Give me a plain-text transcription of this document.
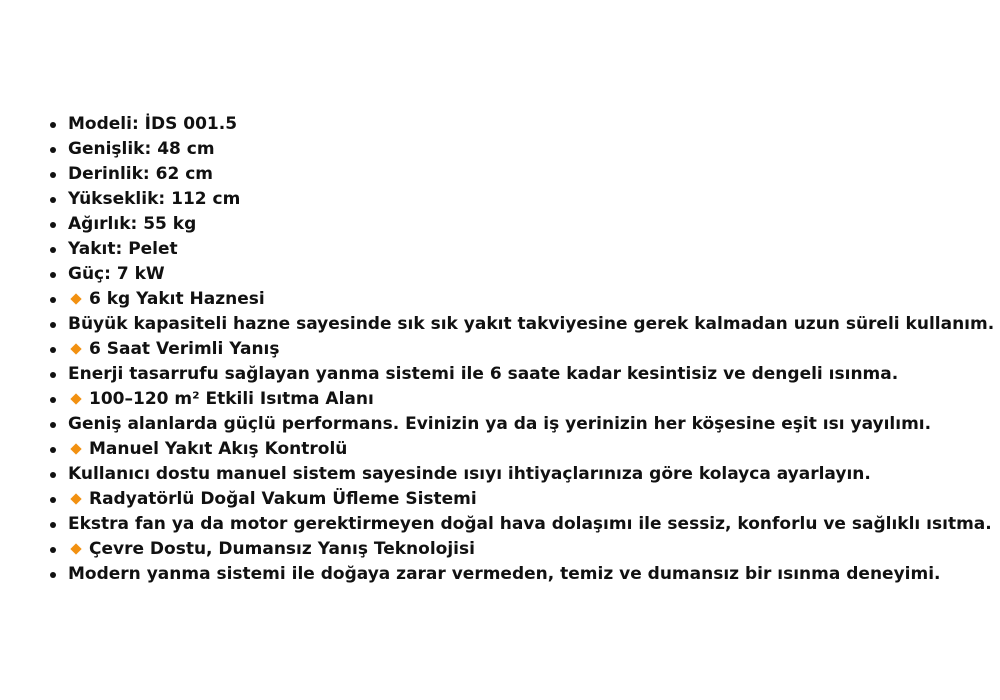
Modeli: İDS 001.5
Genişlik: 48 cm
Derinlik: 62 cm
Yükseklik: 112 cm
Ağırlık: 55 kg
Yakıt: Pelet
Güç: 7 kW
6 kg Yakıt Haznesi
Büyük kapasiteli hazne sayesinde sık sık yakıt takviyesine gerek kalmadan uzun süreli kullanım.
6 Saat Verimli Yanış
Enerji tasarrufu sağlayan yanma sistemi ile 6 saate kadar kesintisiz ve dengeli ısınma.
100–120 m² Etkili Isıtma Alanı
Geniş alanlarda güçlü performans. Evinizin ya da iş yerinizin her köşesine eşit ısı yayılımı.
Manuel Yakıt Akış Kontrolü
Kullanıcı dostu manuel sistem sayesinde ısıyı ihtiyaçlarınıza göre kolayca ayarlayın.
Radyatörlü Doğal Vakum Üfleme Sistemi
Ekstra fan ya da motor gerektirmeyen doğal hava dolaşımı ile sessiz, konforlu ve sağlıklı ısıtma.
Çevre Dostu, Dumansız Yanış Teknolojisi
Modern yanma sistemi ile doğaya zarar vermeden, temiz ve dumansız bir ısınma deneyimi.
